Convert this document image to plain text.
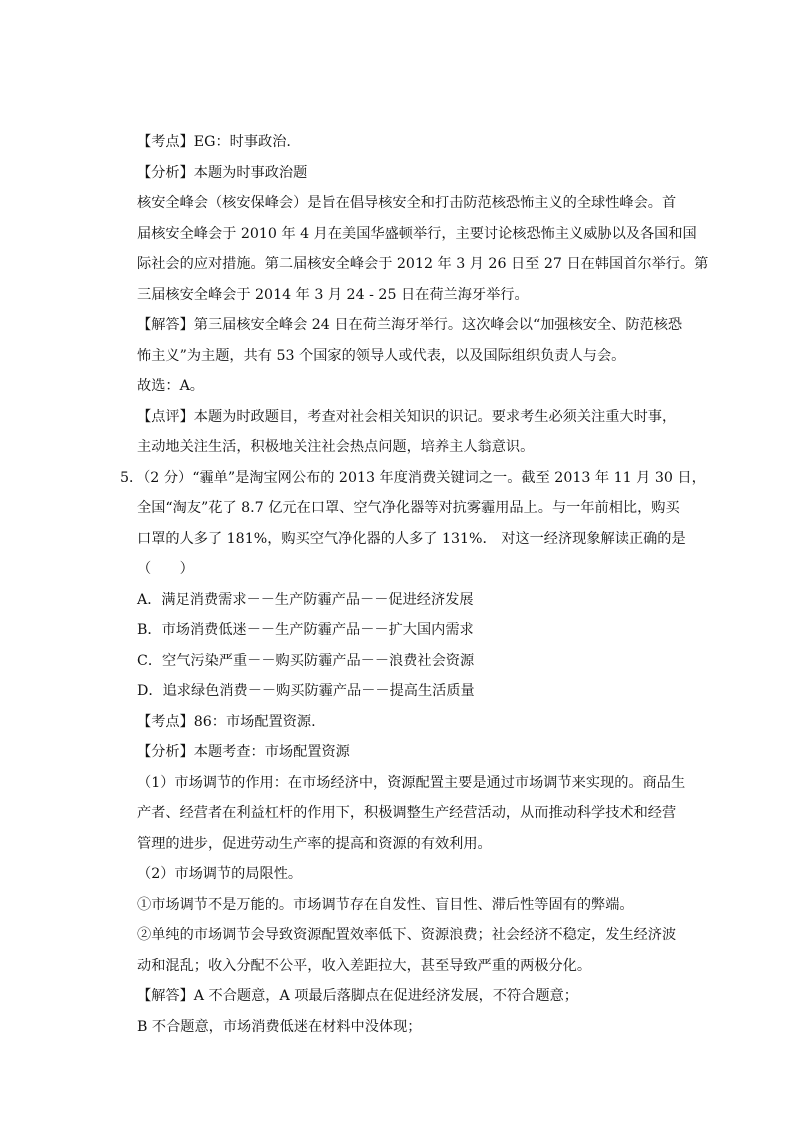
【考点】EG：时事政治.
【分析】本题为时事政治题
核安全峰会（核安保峰会）是旨在倡导核安全和打击防范核恐怖主义的全球性峰会。首
届核安全峰会于 2010 年 4 月在美国华盛顿举行，主要讨论核恐怖主义威胁以及各国和国
际社会的应对措施。第二届核安全峰会于 2012 年 3 月 26 日至 27 日在韩国首尔举行。第
三届核安全峰会于 2014 年 3 月 24 - 25 日在荷兰海牙举行。
【解答】第三届核安全峰会 24 日在荷兰海牙举行。这次峰会以“加强核安全、防范核恐
怖主义”为主题，共有 53 个国家的领导人或代表，以及国际组织负责人与会。
故选：A。
【点评】本题为时政题目，考查对社会相关知识的识记。要求考生必须关注重大时事，
主动地关注生活，积极地关注社会热点问题，培养主人翁意识。
5．（2 分）“霾单”是淘宝网公布的 2013 年度消费关键词之一。截至 2013 年 11 月 30 日，
全国“淘友”花了 8.7 亿元在口罩、空气净化器等对抗雾霾用品上。与一年前相比，购买
口罩的人多了 181%，购买空气净化器的人多了 131%． 对这一经济现象解读正确的是
（　　）
A．满足消费需求－－生产防霾产品－－促进经济发展
B．市场消费低迷－－生产防霾产品－－扩大国内需求
C．空气污染严重－－购买防霾产品－－浪费社会资源
D．追求绿色消费－－购买防霾产品－－提高生活质量
【考点】86：市场配置资源.
【分析】本题考查：市场配置资源
（1）市场调节的作用：在市场经济中，资源配置主要是通过市场调节来实现的。商品生
产者、经营者在利益杠杆的作用下，积极调整生产经营活动，从而推动科学技术和经营
管理的进步，促进劳动生产率的提高和资源的有效利用。
（2）市场调节的局限性。
①市场调节不是万能的。市场调节存在自发性、盲目性、滞后性等固有的弊端。
②单纯的市场调节会导致资源配置效率低下、资源浪费；社会经济不稳定，发生经济波
动和混乱；收入分配不公平，收入差距拉大，甚至导致严重的两极分化。
【解答】A 不合题意，A 项最后落脚点在促进经济发展，不符合题意；
B 不合题意，市场消费低迷在材料中没体现；
